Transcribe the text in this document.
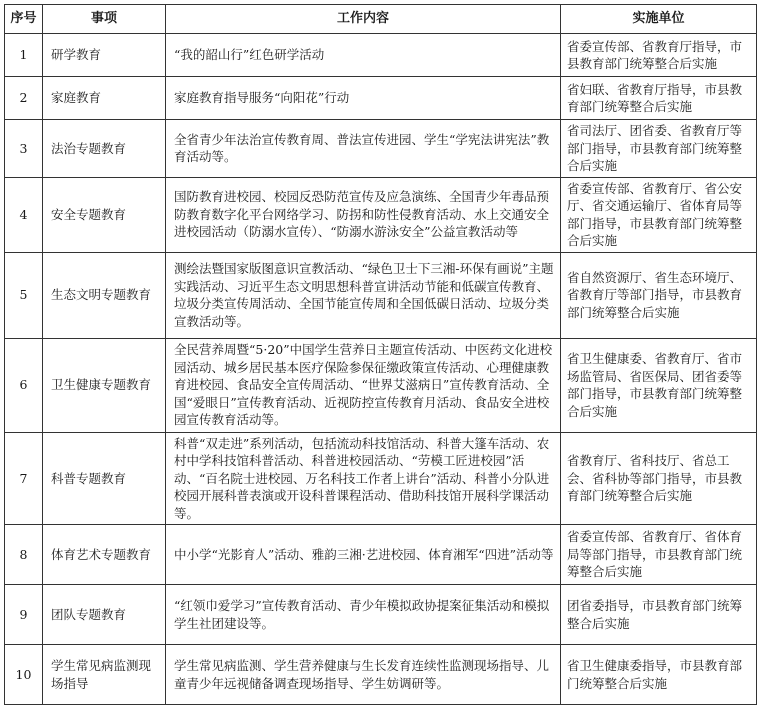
序号	事项	工作内容	实施单位
1	研学教育	“我的韶山行”红色研学活动	省委宣传部、省教育厅指导，市县教育部门统筹整合后实施
2	家庭教育	家庭教育指导服务“向阳花”行动	省妇联、省教育厅指导，市县教育部门统筹整合后实施
3	法治专题教育	全省青少年法治宣传教育周、普法宣传进园、学生“学宪法讲宪法”教育活动等。	省司法厅、团省委、省教育厅等部门指导，市县教育部门统筹整合后实施
4	安全专题教育	国防教育进校园、校园反恐防范宣传及应急演练、全国青少年毒品预防教育数字化平台网络学习、防拐和防性侵教育活动、水上交通安全进校园活动（防溺水宣传）、“防溺水游泳安全”公益宣教活动等	省委宣传部、省教育厅、省公安厅、省交通运输厅、省体育局等部门指导，市县教育部门统筹整合后实施
5	生态文明专题教育	测绘法暨国家版图意识宣教活动、“绿色卫士下三湘-环保有画说”主题实践活动、习近平生态文明思想科普宣讲活动节能和低碳宣传教育、垃圾分类宣传周活动、全国节能宣传周和全国低碳日活动、垃圾分类宣教活动等。	省自然资源厅、省生态环境厅、省教育厅等部门指导，市县教育部门统筹整合后实施
6	卫生健康专题教育	全民营养周暨“5·20”中国学生营养日主题宣传活动、中医药文化进校园活动、城乡居民基本医疗保险参保征缴政策宣传活动、心理健康教育进校园、食品安全宣传周活动、“世界艾滋病日”宣传教育活动、全国“爱眼日”宣传教育活动、近视防控宣传教育月活动、食品安全进校园宣传教育活动等。	省卫生健康委、省教育厅、省市场监管局、省医保局、团省委等部门指导，市县教育部门统筹整合后实施
7	科普专题教育	科普“双走进”系列活动，包括流动科技馆活动、科普大篷车活动、农村中学科技馆科普活动、科普进校园活动、“劳模工匠进校园”活动、“百名院士进校园、万名科技工作者上讲台”活动、科普小分队进校园开展科普表演或开设科普课程活动、借助科技馆开展科学课活动等。	省教育厅、省科技厅、省总工会、省科协等部门指导，市县教育部门统筹整合后实施
8	体育艺术专题教育	中小学“光影育人”活动、雅韵三湘·艺进校园、体育湘军“四进”活动等	省委宣传部、省教育厅、省体育局等部门指导，市县教育部门统筹整合后实施
9	团队专题教育	“红领巾爱学习”宣传教育活动、青少年模拟政协提案征集活动和模拟学生社团建设等。	团省委指导，市县教育部门统筹整合后实施
10	学生常见病监测现场指导	学生常见病监测、学生营养健康与生长发育连续性监测现场指导、儿童青少年远视储备调查现场指导、学生妨调研等。	省卫生健康委指导，市县教育部门统筹整合后实施
